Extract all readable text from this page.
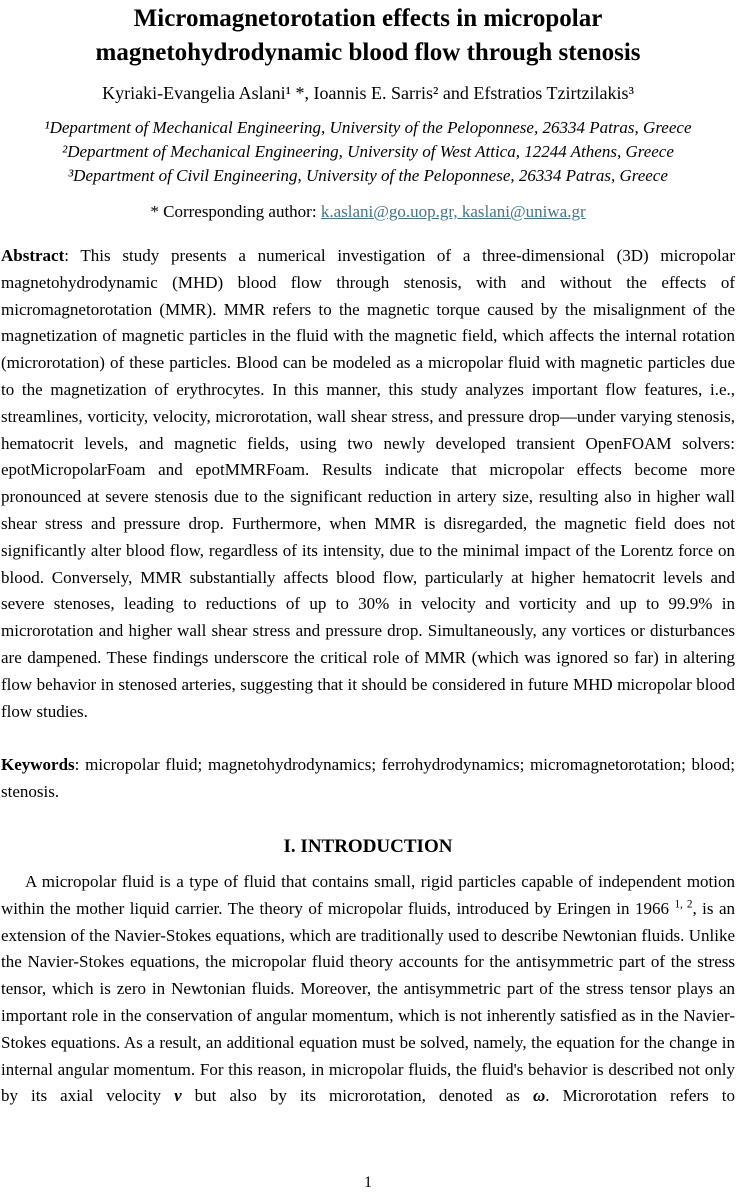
Micromagnetorotation effects in micropolar magnetohydrodynamic blood flow through stenosis
Kyriaki-Evangelia Aslani¹ *, Ioannis E. Sarris² and Efstratios Tzirtzilakis³
¹Department of Mechanical Engineering, University of the Peloponnese, 26334 Patras, Greece
²Department of Mechanical Engineering, University of West Attica, 12244 Athens, Greece
³Department of Civil Engineering, University of the Peloponnese, 26334 Patras, Greece
* Corresponding author: k.aslani@go.uop.gr, kaslani@uniwa.gr

Abstract: This study presents a numerical investigation of a three-dimensional (3D) micropolar magnetohydrodynamic (MHD) blood flow through stenosis, with and without the effects of micromagnetorotation (MMR). MMR refers to the magnetic torque caused by the misalignment of the magnetization of magnetic particles in the fluid with the magnetic field, which affects the internal rotation (microrotation) of these particles. Blood can be modeled as a micropolar fluid with magnetic particles due to the magnetization of erythrocytes. In this manner, this study analyzes important flow features, i.e., streamlines, vorticity, velocity, microrotation, wall shear stress, and pressure drop—under varying stenosis, hematocrit levels, and magnetic fields, using two newly developed transient OpenFOAM solvers: epotMicropolarFoam and epotMMRFoam. Results indicate that micropolar effects become more pronounced at severe stenosis due to the significant reduction in artery size, resulting also in higher wall shear stress and pressure drop. Furthermore, when MMR is disregarded, the magnetic field does not significantly alter blood flow, regardless of its intensity, due to the minimal impact of the Lorentz force on blood. Conversely, MMR substantially affects blood flow, particularly at higher hematocrit levels and severe stenoses, leading to reductions of up to 30% in velocity and vorticity and up to 99.9% in microrotation and higher wall shear stress and pressure drop. Simultaneously, any vortices or disturbances are dampened. These findings underscore the critical role of MMR (which was ignored so far) in altering flow behavior in stenosed arteries, suggesting that it should be considered in future MHD micropolar blood flow studies.

Keywords: micropolar fluid; magnetohydrodynamics; ferrohydrodynamics; micromagnetorotation; blood; stenosis.

I. INTRODUCTION

A micropolar fluid is a type of fluid that contains small, rigid particles capable of independent motion within the mother liquid carrier. The theory of micropolar fluids, introduced by Eringen in 1966 $^{1, 2}$, is an extension of the Navier-Stokes equations, which are traditionally used to describe Newtonian fluids. Unlike the Navier-Stokes equations, the micropolar fluid theory accounts for the antisymmetric part of the stress tensor, which is zero in Newtonian fluids. Moreover, the antisymmetric part of the stress tensor plays an important role in the conservation of angular momentum, which is not inherently satisfied as in the Navier-Stokes equations. As a result, an additional equation must be solved, namely, the equation for the change in internal angular momentum. For this reason, in micropolar fluids, the fluid's behavior is described not only by its axial velocity v but also by its microrotation, denoted as ω. Microrotation refers to

1
